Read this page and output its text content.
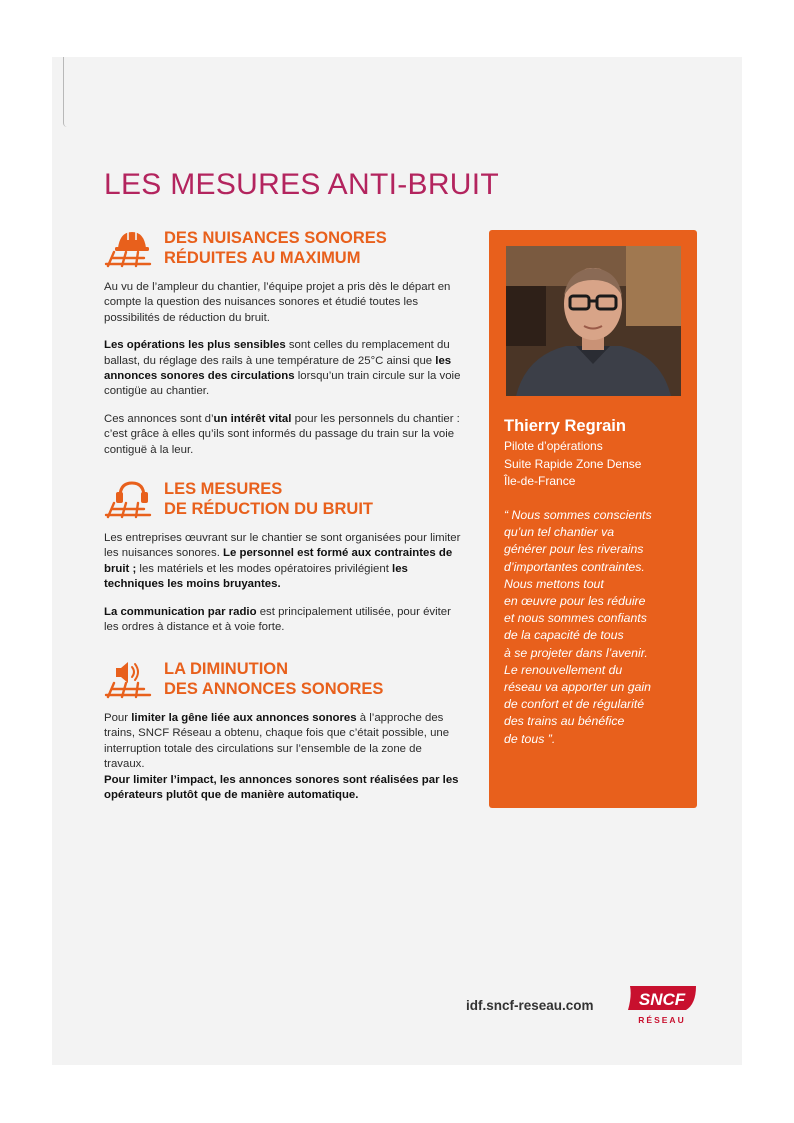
LES MESURES ANTI-BRUIT
DES NUISANCES SONORES
RÉDUITES AU MAXIMUM

Au vu de l’ampleur du chantier, l’équipe projet a pris dès le départ en compte la question des nuisances sonores et étudié toutes les possibilités de réduction du bruit.

Les opérations les plus sensibles sont celles du remplacement du ballast, du réglage des rails à une température de 25°C ainsi que les annonces sonores des circulations lorsqu’un train circule sur la voie contigüe au chantier.

Ces annonces sont d’un intérêt vital pour les personnels du chantier : c’est grâce à elles qu’ils sont informés du passage du train sur la voie contiguë à la leur.

LES MESURES
DE RÉDUCTION DU BRUIT

Les entreprises œuvrant sur le chantier se sont organisées pour limiter les nuisances sonores. Le personnel est formé aux contraintes de bruit ; les matériels et les modes opératoires privilégient les techniques les moins bruyantes.

La communication par radio est principalement utilisée, pour éviter les ordres à distance et à voie forte.

LA DIMINUTION
DES ANNONCES SONORES

Pour limiter la gêne liée aux annonces sonores à l’approche des trains, SNCF Réseau a obtenu, chaque fois que c’était possible, une interruption totale des circulations sur l’ensemble de la zone de travaux.
Pour limiter l’impact, les annonces sonores sont réalisées par les opérateurs plutôt que de manière automatique.

Thierry Regrain
Pilote d’opérations
Suite Rapide Zone Dense
Île-de-France
“ Nous sommes conscients
qu’un tel chantier va
générer pour les riverains
d’importantes contraintes.
Nous mettons tout
en œuvre pour les réduire
et nous sommes confiants
de la capacité de tous
à se projeter dans l’avenir.
Le renouvellement du
réseau va apporter un gain
de confort et de régularité
des trains au bénéfice
de tous ”.
idf.sncf-reseau.com	SNCF
RÉSEAU
